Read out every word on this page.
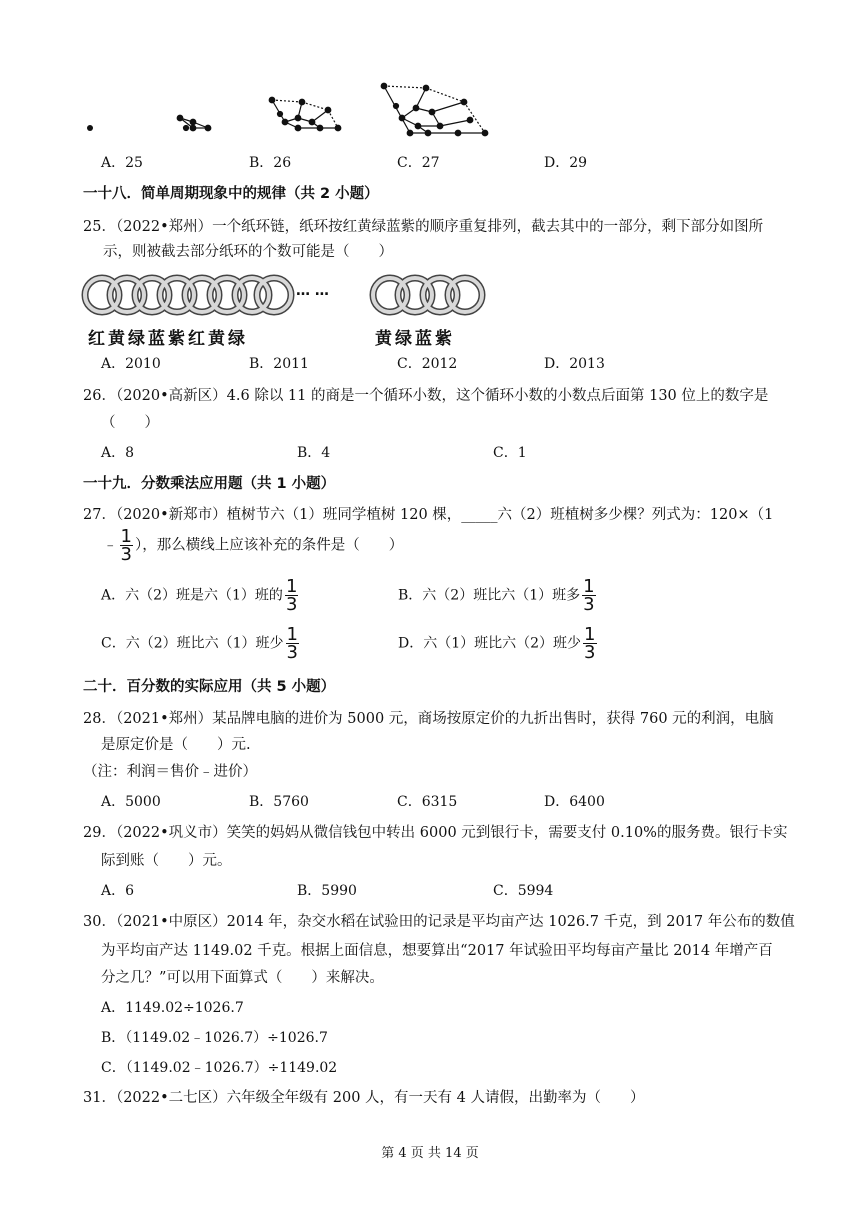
A．25	B．26	C．27	D．29
一十八．简单周期现象中的规律（共 2 小题）
25．（2022•郑州）一个纸环链，纸环按红黄绿蓝紫的顺序重复排列，截去其中的一部分，剩下部分如图所
示，则被截去部分纸环的个数可能是（　　）
… …
红黄绿蓝紫红黄绿	黄绿蓝紫
A．2010	B．2011	C．2012	D．2013
26．（2020•高新区）4.6 除以 11 的商是一个循环小数，这个循环小数的小数点后面第 130 位上的数字是
（　　）
A．8	B．4	C．1
一十九．分数乘法应用题（共 1 小题）
27．（2020•新郑市）植树节六（1）班同学植树 120 棵，_____六（2）班植树多少棵？列式为：120×（1
﹣ $\frac{1}{3}$ ），那么横线上应该补充的条件是（　　）
A．六（2）班是六（1）班的 $\frac{1}{3}$	B．六（2）班比六（1）班多 $\frac{1}{3}$
C．六（2）班比六（1）班少 $\frac{1}{3}$	D．六（1）班比六（2）班少 $\frac{1}{3}$
二十．百分数的实际应用（共 5 小题）
28．（2021•郑州）某品牌电脑的进价为 5000 元，商场按原定价的九折出售时，获得 760 元的利润，电脑
是原定价是（　　）元.
（注：利润＝售价﹣进价）
A．5000	B．5760	C．6315	D．6400
29．（2022•巩义市）笑笑的妈妈从微信钱包中转出 6000 元到银行卡，需要支付 0.10%的服务费。银行卡实
际到账（　　）元。
A．6	B．5990	C．5994
30．（2021•中原区）2014 年，杂交水稻在试验田的记录是平均亩产达 1026.7 千克，到 2017 年公布的数值
为平均亩产达 1149.02 千克。根据上面信息，想要算出“2017 年试验田平均每亩产量比 2014 年增产百
分之几？”可以用下面算式（　　）来解决。
A．1149.02÷1026.7
B．（1149.02﹣1026.7）÷1026.7
C．（1149.02﹣1026.7）÷1149.02
31．（2022•二七区）六年级全年级有 200 人，有一天有 4 人请假，出勤率为（　　）
第 4 页 共 14 页
